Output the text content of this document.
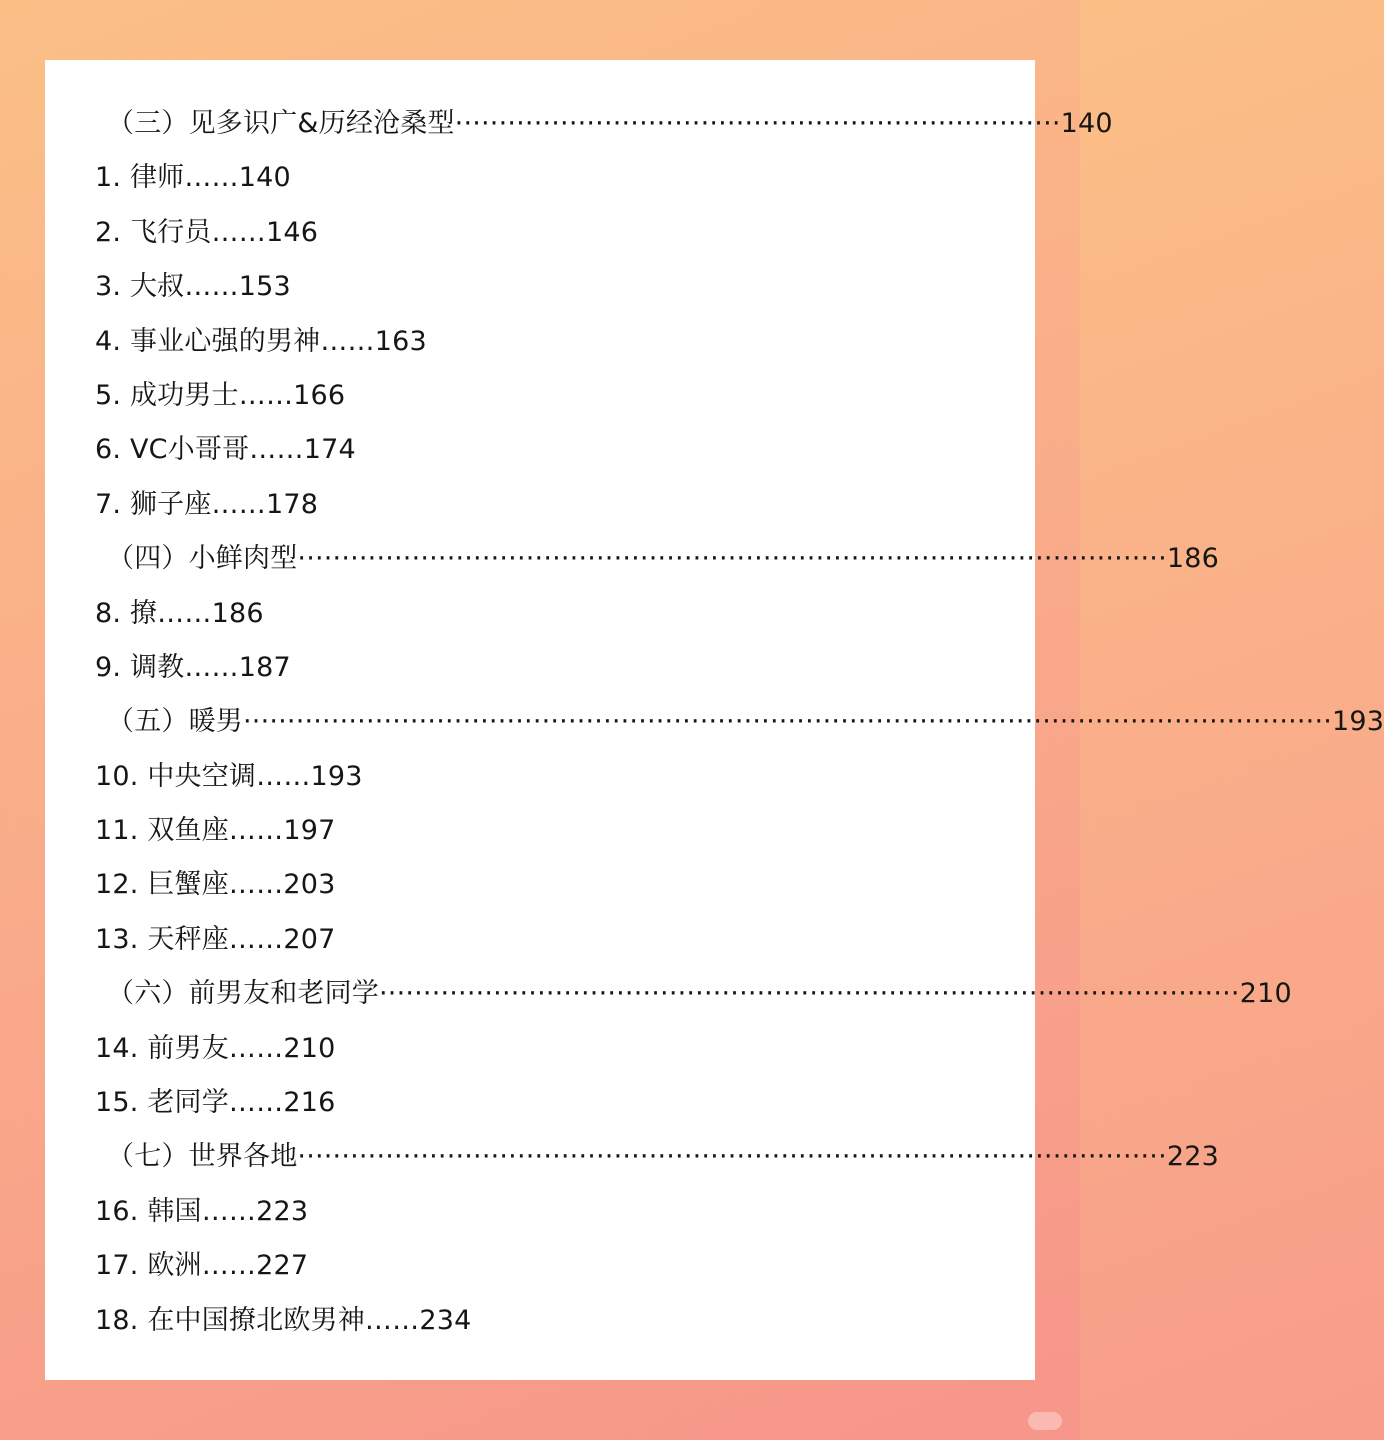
（三）见多识广&历经沧桑型·····································································140
1. 律师……140
2. 飞行员……146
3. 大叔……153
4. 事业心强的男神……163
5. 成功男士……166
6. VC小哥哥……174
7. 狮子座……178
（四）小鲜肉型···································································································186
8. 撩……186
9. 调教……187
（五）暖男····························································································································193
10. 中央空调……193
11. 双鱼座……197
12. 巨蟹座……203
13. 天秤座……207
（六）前男友和老同学··································································································210
14. 前男友……210
15. 老同学……216
（七）世界各地···································································································223
16. 韩国……223
17. 欧洲……227
18. 在中国撩北欧男神……234
